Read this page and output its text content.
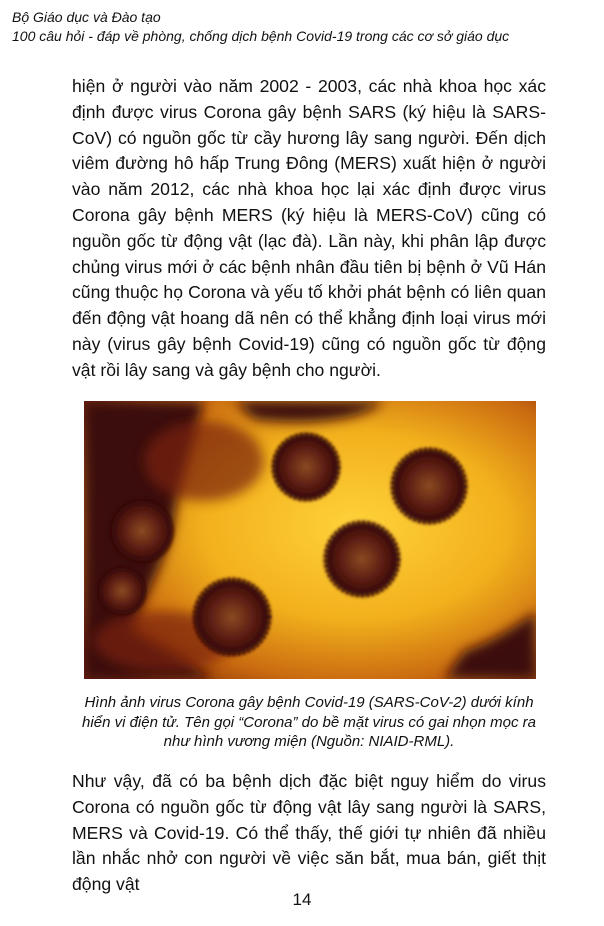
Bộ Giáo dục và Đào tạo
100 câu hỏi - đáp về phòng, chống dịch bệnh Covid-19 trong các cơ sở giáo dục

hiện ở người vào năm 2002 - 2003, các nhà khoa học xác định được virus Corona gây bệnh SARS (ký hiệu là SARS-CoV) có nguồn gốc từ cầy hương lây sang người. Đến dịch viêm đường hô hấp Trung Đông (MERS) xuất hiện ở người vào năm 2012, các nhà khoa học lại xác định được virus Corona gây bệnh MERS (ký hiệu là MERS-CoV) cũng có nguồn gốc từ động vật (lạc đà). Lần này, khi phân lập được chủng virus mới ở các bệnh nhân đầu tiên bị bệnh ở Vũ Hán cũng thuộc họ Corona và yếu tố khởi phát bệnh có liên quan đến động vật hoang dã nên có thể khẳng định loại virus mới này (virus gây bệnh Covid-19) cũng có nguồn gốc từ động vật rồi lây sang và gây bệnh cho người.

Hình ảnh virus Corona gây bệnh Covid-19 (SARS-CoV-2) dưới kính hiển vi điện tử. Tên gọi “Corona” do bề mặt virus có gai nhọn mọc ra như hình vương miện (Nguồn: NIAID-RML).

Như vậy, đã có ba bệnh dịch đặc biệt nguy hiểm do virus Corona có nguồn gốc từ động vật lây sang người là SARS, MERS và Covid-19. Có thể thấy, thế giới tự nhiên đã nhiều lần nhắc nhở con người về việc săn bắt, mua bán, giết thịt động vật

14
